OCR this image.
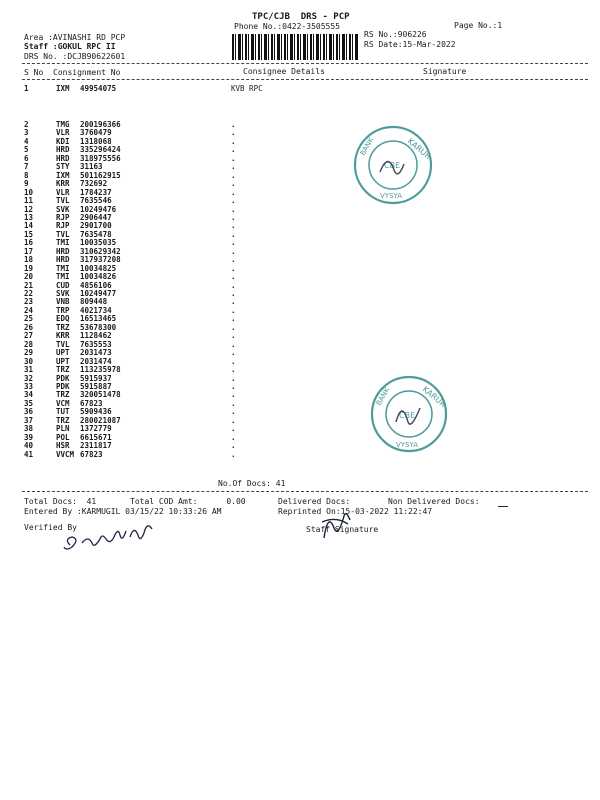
TPC/CJB  DRS - PCP
Phone No.:0422-3505555	Page No.:1
Area :AVINASHI RD PCP
Staff :GOKUL RPC II
DRS No. :DCJB90622601
RS No.:906226
RS Date:15-Mar-2022
S No Consignment No	Consignee Details	Signature
1	IXM 49954075	KVB RPC
2	TMG 200196366	.
3	VLR 3760479	.
4	KDI 1318068	.
5	HRD 335296424	.
6	HRD 318975556	.
7	STY 31163	.
8	IXM 501162915	.
9	KRR 732692	.
10	VLR 1784237	.
11	TVL 7635546	.
12	SVK 10249476	.
13	RJP 2906447	.
14	RJP 2901700	.
15	TVL 7635478	.
16	TMI 10035035	.
17	HRD 310629342	.
18	HRD 317937208	.
19	TMI 10034825	.
20	TMI 10034826	.
21	CUD 4856106	.
22	SVK 10249477	.
23	VNB 809448	.
24	TRP 4021734	.
25	EDQ 16513465	.
26	TRZ 53678300	.
27	KRR 1128462	.
28	TVL 7635553	.
29	UPT 2031473	.
30	UPT 2031474	.
31	TRZ 113235978	.
32	PDK 5915937	.
33	PDK 5915887	.
34	TRZ 320051478	.
35	VCM 67823	.
36	TUT 5909436	.
37	TRZ 280021087	.
38	PLN 1372779	.
39	POL 6615671	.
40	HSR 2311817	.
41	VVCM 67823	.
No.Of Docs: 41
Total Docs:  41	Total COD Amt:      0.00	Delivered Docs:	Non Delivered Docs:
Entered By :KARMUGIL 03/15/22 10:33:26 AM	Reprinted On:15-03-2022 11:22:47
Verified By	Staff Signature
KARUR
BANK
CBE
VYSYA
KARUR
BANK
CBE
VYSYA
